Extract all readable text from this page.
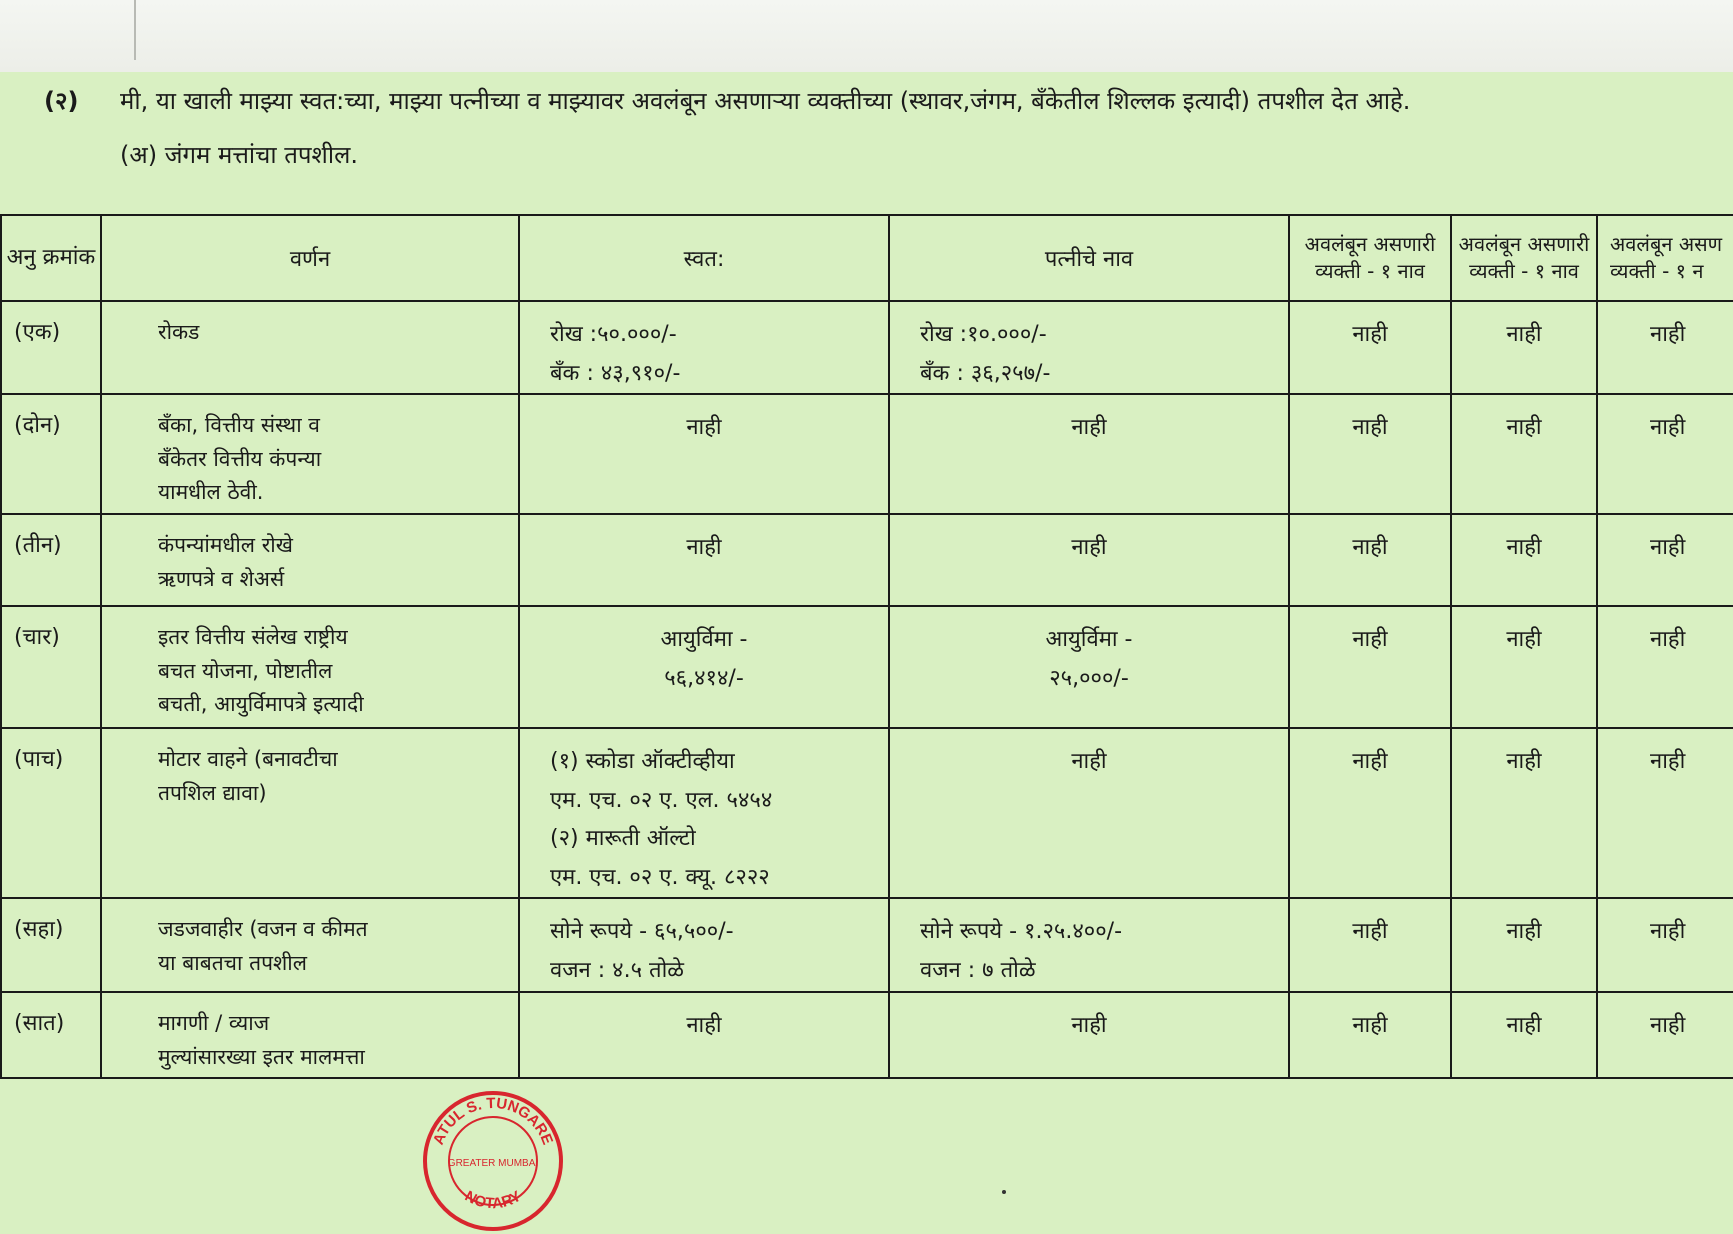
(२) मी, या खाली माझ्या स्वत:च्या, माझ्या पत्नीच्या व माझ्यावर अवलंबून असणाऱ्या व्यक्तीच्या (स्थावर,जंगम, बँकेतील शिल्लक इत्यादी) तपशील देत आहे.
(अ) जंगम मत्तांचा तपशील.
अनु क्रमांक	वर्णन	स्वत:	पत्नीचे नाव	अवलंबून असणारी व्यक्ती - १ नाव	अवलंबून असणारी व्यक्ती - १ नाव	अवलंबून असण व्यक्ती - १ न
(एक)	रोकड	रोख :५०.०००/-
बँक : ४३,९१०/-	रोख :१०.०००/-
बँक : ३६,२५७/-	नाही	नाही	नाही
(दोन)	बँका, वित्तीय संस्था व
बँकेतर वित्तीय कंपन्या
यामधील ठेवी.	नाही	नाही	नाही	नाही	नाही
(तीन)	कंपन्यांमधील रोखे
ऋणपत्रे व शेअर्स	नाही	नाही	नाही	नाही	नाही
(चार)	इतर वित्तीय संलेख राष्ट्रीय
बचत योजना, पोष्टातील
बचती, आयुर्विमापत्रे इत्यादी	आयुर्विमा -
५६,४१४/-	आयुर्विमा -
२५,०००/-	नाही	नाही	नाही
(पाच)	मोटार वाहने (बनावटीचा
तपशिल द्यावा)	(१) स्कोडा ऑक्टीव्हीया
एम. एच. ०२ ए. एल. ५४५४
(२) मारूती ऑल्टो
एम. एच. ०२ ए. क्यू. ८२२२	नाही	नाही	नाही	नाही
(सहा)	जडजवाहीर (वजन व कीमत
या बाबतचा तपशील	सोने रूपये - ६५,५००/-
वजन : ४.५ तोळे	सोने रूपये - १.२५.४००/-
वजन : ७ तोळे	नाही	नाही	नाही
(सात)	मागणी / व्याज
मुल्यांसारख्या इतर मालमत्ता	नाही	नाही	नाही	नाही	नाही
ATUL S. TUNGARE
GREATER MUMBAI
NOTARY
